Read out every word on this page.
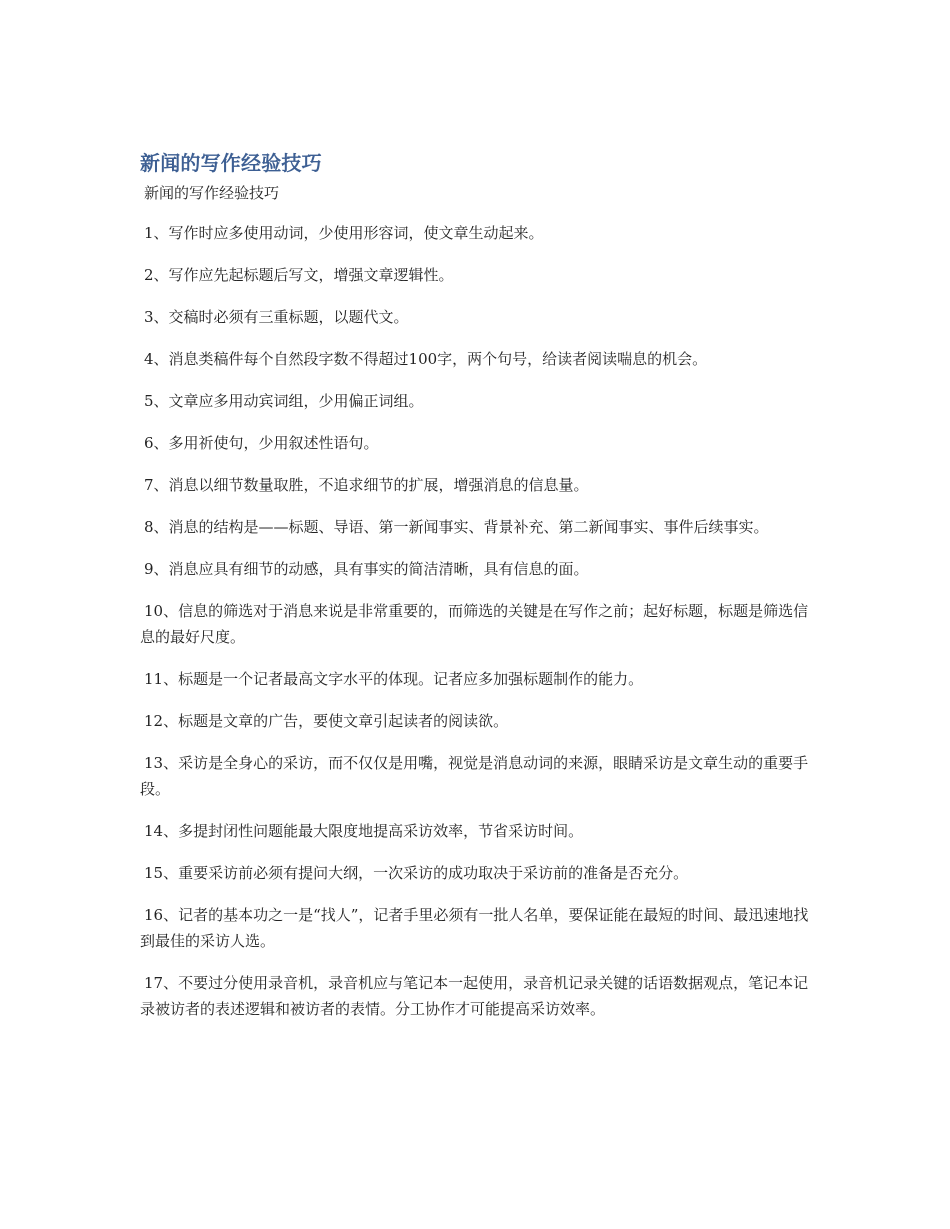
新闻的写作经验技巧
新闻的写作经验技巧
1、写作时应多使用动词，少使用形容词，使文章生动起来。
2、写作应先起标题后写文，增强文章逻辑性。
3、交稿时必须有三重标题，以题代文。
4、消息类稿件每个自然段字数不得超过100字，两个句号，给读者阅读喘息的机会。
5、文章应多用动宾词组，少用偏正词组。
6、多用祈使句，少用叙述性语句。
7、消息以细节数量取胜，不追求细节的扩展，增强消息的信息量。
8、消息的结构是——标题、导语、第一新闻事实、背景补充、第二新闻事实、事件后续事实。
9、消息应具有细节的动感，具有事实的简洁清晰，具有信息的面。
10、信息的筛选对于消息来说是非常重要的，而筛选的关键是在写作之前；起好标题，标题是筛选信息的最好尺度。
11、标题是一个记者最高文字水平的体现。记者应多加强标题制作的能力。
12、标题是文章的广告，要使文章引起读者的阅读欲。
13、采访是全身心的采访，而不仅仅是用嘴，视觉是消息动词的来源，眼睛采访是文章生动的重要手段。
14、多提封闭性问题能最大限度地提高采访效率，节省采访时间。
15、重要采访前必须有提问大纲，一次采访的成功取决于采访前的准备是否充分。
16、记者的基本功之一是“找人”，记者手里必须有一批人名单，要保证能在最短的时间、最迅速地找到最佳的采访人选。
17、不要过分使用录音机，录音机应与笔记本一起使用，录音机记录关键的话语数据观点，笔记本记录被访者的表述逻辑和被访者的表情。分工协作才可能提高采访效率。
